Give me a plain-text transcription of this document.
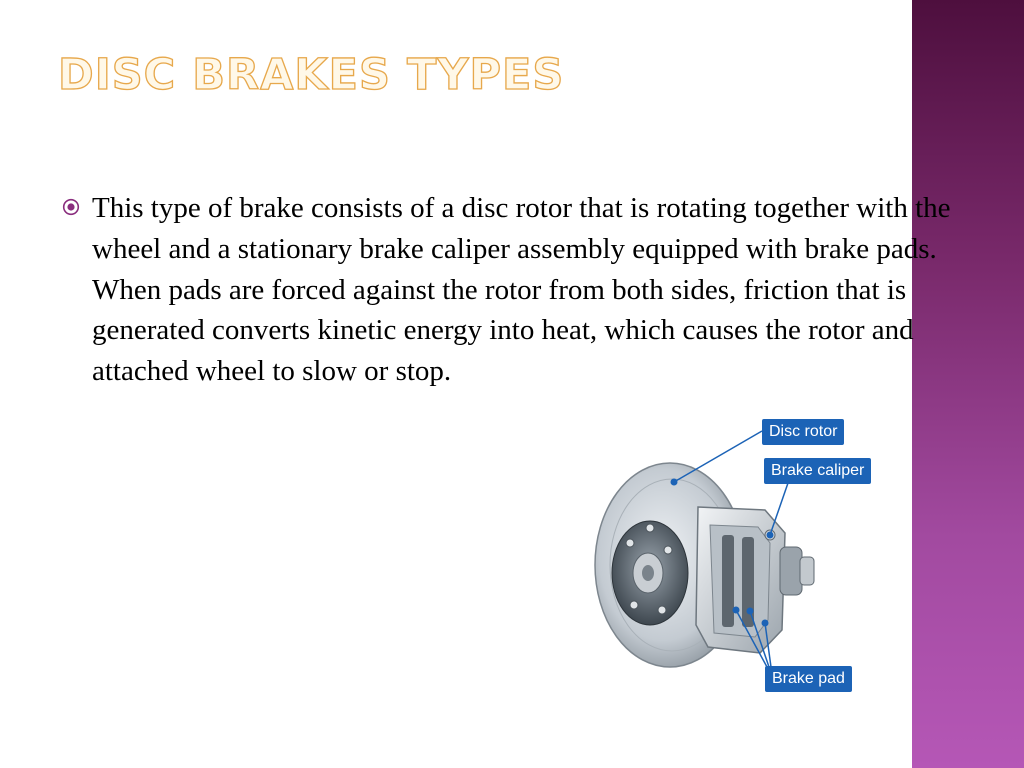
DISC BRAKES TYPES

This type of brake consists of a disc rotor that is rotating together with the wheel and a stationary brake caliper assembly equipped with brake pads. When pads are forced against the rotor from both sides, friction that is generated converts kinetic energy into heat, which causes the rotor and attached wheel to slow or stop.

Disc rotor
Brake caliper
Brake pad
